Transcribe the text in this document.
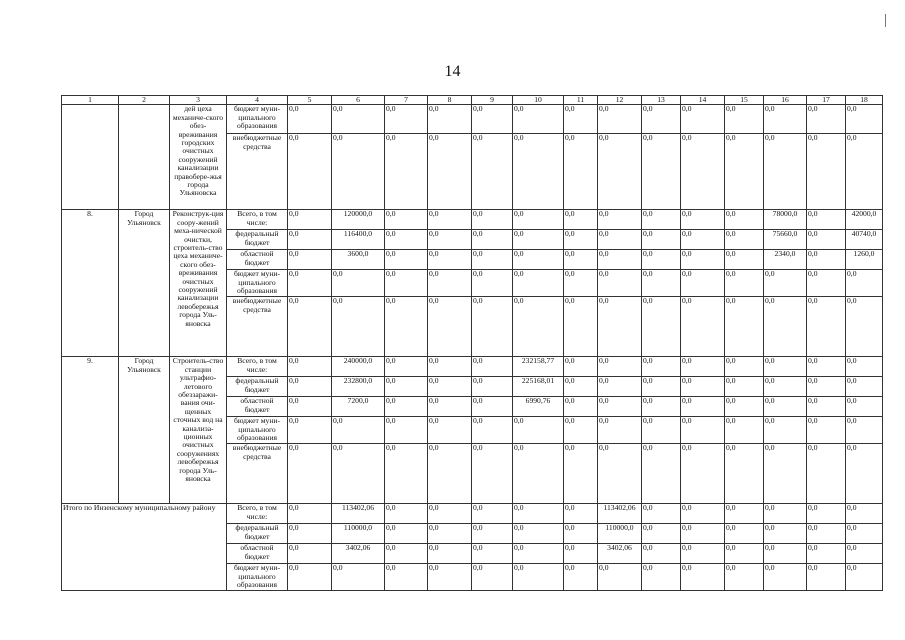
14
1	2	3	4	5	6	7	8	9	10	11	12	13	14	15	16	17	18
		дей цеха механиче-ского обез-вреживания городских очистных сооружений канализации правобере-жья города Ульяновска	бюджет муни-ципального образования	0,0	0,0	0,0	0,0	0,0	0,0	0,0	0,0	0,0	0,0	0,0	0,0	0,0	0,0
			внебюджетные средства	0,0	0,0	0,0	0,0	0,0	0,0	0,0	0,0	0,0	0,0	0,0	0,0	0,0	0,0
8.	Город Ульяновск	Реконструк-ция соору-жений меха-нической очистки, строитель-ство цеха механиче-ского обез-вреживания очистных сооружений канализации левобережья города Уль-яновска	Всего, в том числе:	0,0	120000,0	0,0	0,0	0,0	0,0	0,0	0,0	0,0	0,0	0,0	78000,0	0,0	42000,0
			федеральный бюджет	0,0	116400,0	0,0	0,0	0,0	0,0	0,0	0,0	0,0	0,0	0,0	75660,0	0,0	40740,0
			областной бюджет	0,0	3600,0	0,0	0,0	0,0	0,0	0,0	0,0	0,0	0,0	0,0	2340,0	0,0	1260,0
			бюджет муни-ципального образования	0,0	0,0	0,0	0,0	0,0	0,0	0,0	0,0	0,0	0,0	0,0	0,0	0,0	0,0
			внебюджетные средства	0,0	0,0	0,0	0,0	0,0	0,0	0,0	0,0	0,0	0,0	0,0	0,0	0,0	0,0
9.	Город Ульяновск	Строитель-ство станции ультрафио-летового обеззаражи-вания очи-щенных сточных вод на канализа-ционных очистных сооружениях левобережья города Уль-яновска	Всего, в том числе:	0,0	240000,0	0,0	0,0	0,0	232158,77	0,0	0,0	0,0	0,0	0,0	0,0	0,0	0,0
			федеральный бюджет	0,0	232800,0	0,0	0,0	0,0	225168,01	0,0	0,0	0,0	0,0	0,0	0,0	0,0	0,0
			областной бюджет	0,0	7200,0	0,0	0,0	0,0	6990,76	0,0	0,0	0,0	0,0	0,0	0,0	0,0	0,0
			бюджет муни-ципального образования	0,0	0,0	0,0	0,0	0,0	0,0	0,0	0,0	0,0	0,0	0,0	0,0	0,0	0,0
			внебюджетные средства	0,0	0,0	0,0	0,0	0,0	0,0	0,0	0,0	0,0	0,0	0,0	0,0	0,0	0,0
Итого по Инзенскому муниципальному району			Всего, в том числе:	0,0	113402,06	0,0	0,0	0,0	0,0	0,0	113402,06	0,0	0,0	0,0	0,0	0,0	0,0
			федеральный бюджет	0,0	110000,0	0,0	0,0	0,0	0,0	0,0	110000,0	0,0	0,0	0,0	0,0	0,0	0,0
			областной бюджет	0,0	3402,06	0,0	0,0	0,0	0,0	0,0	3402,06	0,0	0,0	0,0	0,0	0,0	0,0
			бюджет муни-ципального образования	0,0	0,0	0,0	0,0	0,0	0,0	0,0	0,0	0,0	0,0	0,0	0,0	0,0	0,0
